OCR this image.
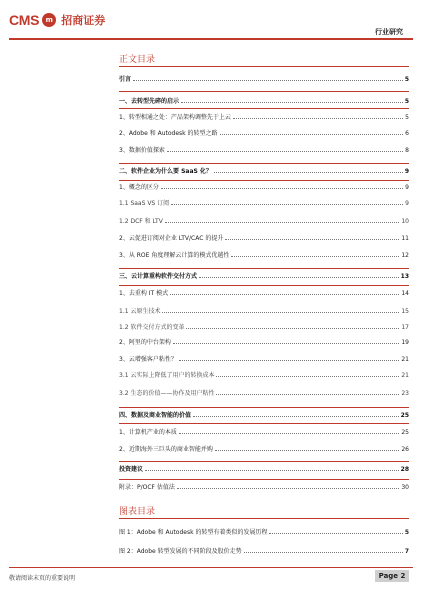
CMS m 招商证券
行业研究
正文目录
引言	5
一、去转型先碎的启示	5
1、转型相通之处：产品架构调整先于上云	5
2、Adobe 和 Autodesk 的转型之路	6
3、数据价值探索	8
二、软件企业为什么要 SaaS 化？	9
1、概念的区分	9
1.1 SaaS VS 订阅	9
1.2 DCF 和 LTV	10
2、云促进订阅对企业 LTV/CAC 的提升	11
3、从 ROE 角度理解云计算的模式优越性	12
三、云计算重构软件交付方式	13
1、去重构 IT 模式	14
1.1 云原生技术	15
1.2 软件交付方式的变革	17
2、阿里的中台架构	19
3、云增强客户粘性？	21
3.1 云实际上降低了用户的转换成本	21
3.2 生态的价值——协作及用户粘性	23
四、数据及商业智能的价值	25
1、计算机产业的本质	25
2、近期海外三巨头的商业智能并购	26
投资建议	28
附录：P/OCF 估值法	30
图表目录
图 1：Adobe 和 Autodesk 的转型有着类似的发展历程	5
图 2：Adobe 转型发展的不同阶段及股价走势	7
敬请阅读末页的重要说明	Page 2
